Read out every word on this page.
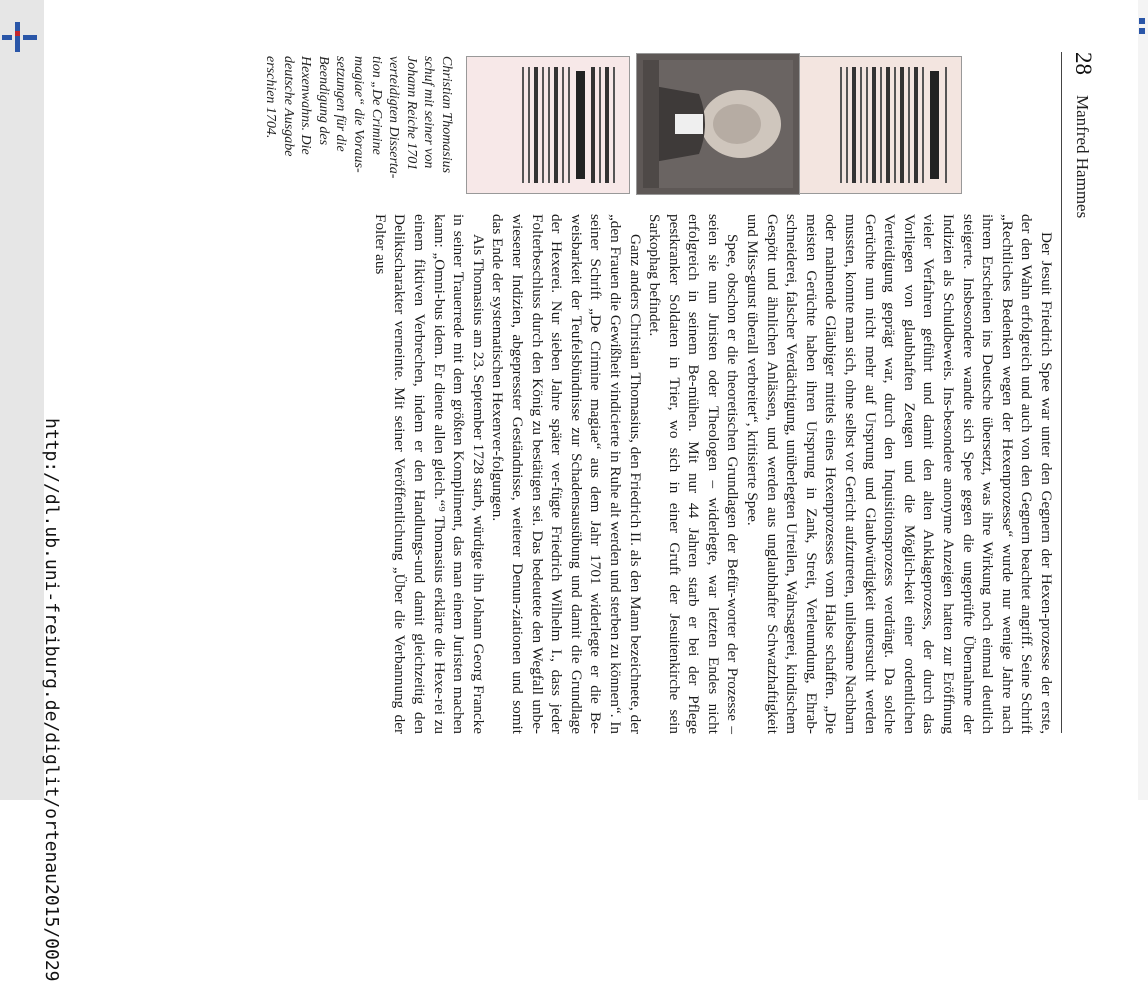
28
Manfred Hammes
Christian Thomasius schuf mit seiner von Johann Reiche 1701 verteidigten Disserta-tion „De Crimine magiae“ die Voraus-setzungen für die Beendigung des Hexenwahns. Die deutsche Ausgabe erschien 1704.

Der Jesuit Friedrich Spee war unter den Gegnern der Hexen-prozesse der erste, der den Wahn erfolgreich und auch von den Gegnern beachtet angriff. Seine Schrift „Rechtliches Bedenken wegen der Hexenprozesse“ wurde nur wenige Jahre nach ihrem Erscheinen ins Deutsche übersetzt, was ihre Wirkung noch einmal deutlich steigerte. Insbesondere wandte sich Spee gegen die ungeprüfte Übernahme der Indizien als Schuldbeweis. Ins-besondere anonyme Anzeigen hatten zur Eröffnung vieler Verfahren geführt und damit den alten Anklageprozess, der durch das Vorliegen von glaubhaften Zeugen und die Möglich-keit einer ordentlichen Verteidigung geprägt war, durch den Inquisitionsprozess verdrängt. Da solche Gerüchte nun nicht mehr auf Ursprung und Glaubwürdigkeit untersucht werden mussten, konnte man sich, ohne selbst vor Gericht aufzutreten, unliebsame Nachbarn oder mahnende Gläubiger mittels eines Hexenprozesses vom Halse schaffen. „Die meisten Gerüchte haben ihren Ursprung in Zank, Streit, Verleumdung, Ehrab-schneiderei, falscher Verdächtigung, unüberlegten Urteilen, Wahrsagerei, kindischem Gespött und ähnlichen Anlässen, und werden aus unglaubhafter Schwatzhaftigkeit und Miss-gunst überall verbreitet“, kritisierte Spee.

Spee, obschon er die theoretischen Grundlagen der Befür-worter der Prozesse – seien sie nun Juristen oder Theologen – widerlegte, war letzten Endes nicht erfolgreich in seinem Be-mühen. Mit nur 44 Jahren starb er bei der Pflege pestkranker Soldaten in Trier, wo sich in einer Gruft der Jesuitenkirche sein Sarkophag befindet.

Ganz anders Christian Thomasius, den Friedrich II. als den Mann bezeichnete, der „den Frauen die Gewißheit vindicierte in Ruhe alt werden und sterben zu können“. In seiner Schrift „De Crimine magiae“ aus dem Jahr 1701 widerlegte er die Be-weisbarkeit der Teufelsbündnisse zur Schadensausübung und damit die Grundlage der Hexerei. Nur sieben Jahre später ver-fügte Friedrich Wilhelm I., dass jeder Folterbeschluss durch den König zu bestätigen sei. Das bedeutete den Wegfall unbe-wiesener Indizien, abgepresster Geständnisse, weiterer Denun-ziationen und somit das Ende der systematischen Hexenver-folgungen.

Als Thomasius am 23. September 1728 starb, würdigte ihn Johann Georg Francke in seiner Trauerrede mit dem größten Kompliment, das man einem Juristen machen kann: „Omni-bus idem. Er diente allen gleich.“⁹ Thomasius erklärte die Hexe-rei zu einem fiktiven Verbrechen, indem er den Handlungs-und damit gleichzeitig den Deliktscharakter verneinte. Mit seiner Veröffentlichung „Über die Verbannung der Folter aus

http://dl.ub.uni-freiburg.de/diglit/ortenau2015/0029
